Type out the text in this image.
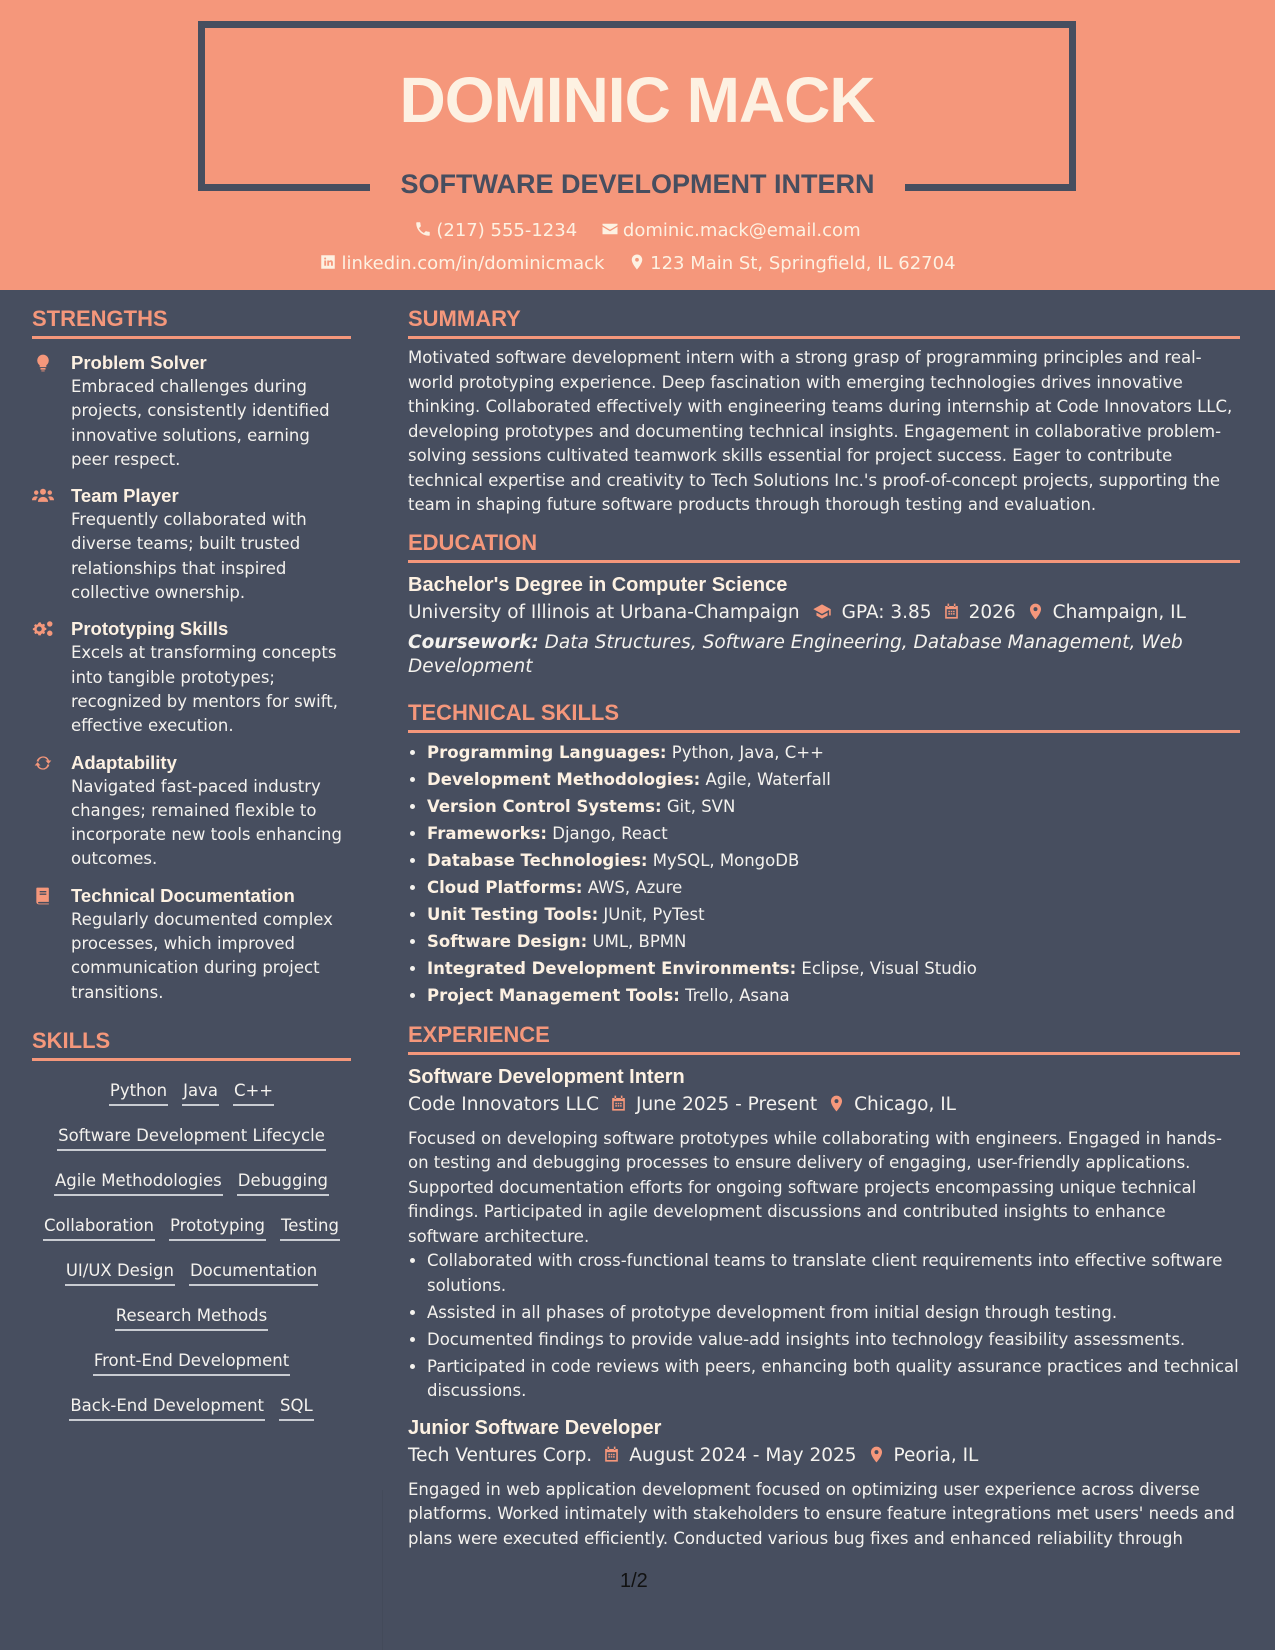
DOMINIC MACK
SOFTWARE DEVELOPMENT INTERN
(217) 555-1234	dominic.mack@email.com
linkedin.com/in/dominicmack	123 Main St, Springfield, IL 62704
STRENGTHS
Problem Solver
Embraced challenges during projects, consistently identified innovative solutions, earning peer respect.
Team Player
Frequently collaborated with diverse teams; built trusted relationships that inspired collective ownership.
Prototyping Skills
Excels at transforming concepts into tangible prototypes; recognized by mentors for swift, effective execution.
Adaptability
Navigated fast-paced industry changes; remained flexible to incorporate new tools enhancing outcomes.
Technical Documentation
Regularly documented complex processes, which improved communication during project transitions.
SKILLS
Python Java C++
Software Development Lifecycle
Agile Methodologies Debugging
Collaboration Prototyping Testing
UI/UX Design Documentation
Research Methods
Front-End Development
Back-End Development SQL
SUMMARY
Motivated software development intern with a strong grasp of programming principles and real-world prototyping experience. Deep fascination with emerging technologies drives innovative thinking. Collaborated effectively with engineering teams during internship at Code Innovators LLC, developing prototypes and documenting technical insights. Engagement in collaborative problem-solving sessions cultivated teamwork skills essential for project success. Eager to contribute technical expertise and creativity to Tech Solutions Inc.'s proof-of-concept projects, supporting the team in shaping future software products through thorough testing and evaluation.
EDUCATION
Bachelor's Degree in Computer Science
University of Illinois at Urbana-Champaign GPA: 3.85 2026 Champaign, IL
Coursework: Data Structures, Software Engineering, Database Management, Web Development
TECHNICAL SKILLS
• Programming Languages: Python, Java, C++
• Development Methodologies: Agile, Waterfall
• Version Control Systems: Git, SVN
• Frameworks: Django, React
• Database Technologies: MySQL, MongoDB
• Cloud Platforms: AWS, Azure
• Unit Testing Tools: JUnit, PyTest
• Software Design: UML, BPMN
• Integrated Development Environments: Eclipse, Visual Studio
• Project Management Tools: Trello, Asana
EXPERIENCE
Software Development Intern
Code Innovators LLC June 2025 - Present Chicago, IL
Focused on developing software prototypes while collaborating with engineers. Engaged in hands-on testing and debugging processes to ensure delivery of engaging, user-friendly applications. Supported documentation efforts for ongoing software projects encompassing unique technical findings. Participated in agile development discussions and contributed insights to enhance software architecture.
• Collaborated with cross-functional teams to translate client requirements into effective software solutions.
• Assisted in all phases of prototype development from initial design through testing.
• Documented findings to provide value-add insights into technology feasibility assessments.
• Participated in code reviews with peers, enhancing both quality assurance practices and technical discussions.
Junior Software Developer
Tech Ventures Corp. August 2024 - May 2025 Peoria, IL
Engaged in web application development focused on optimizing user experience across diverse platforms. Worked intimately with stakeholders to ensure feature integrations met users' needs and plans were executed efficiently. Conducted various bug fixes and enhanced reliability through
1/2
